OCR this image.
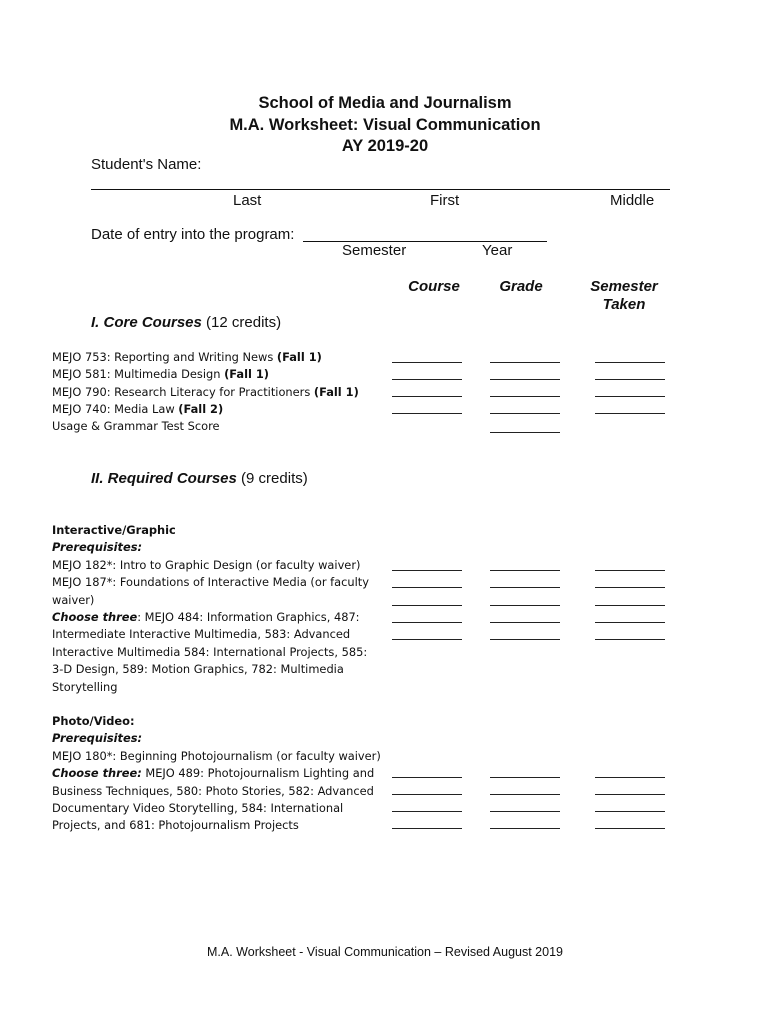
School of Media and Journalism
M.A. Worksheet: Visual Communication
AY 2019-20
Student's Name:
Last	First	Middle
Date of entry into the program:
Semester	Year
Course	Grade	Semester
Taken
I. Core Courses (12 credits)
MEJO 753: Reporting and Writing News (Fall 1)
MEJO 581: Multimedia Design (Fall 1)
MEJO 790: Research Literacy for Practitioners (Fall 1)
MEJO 740: Media Law (Fall 2)
Usage & Grammar Test Score
II. Required Courses (9 credits)
Interactive/Graphic
Prerequisites:
MEJO 182*: Intro to Graphic Design (or faculty waiver)
MEJO 187*: Foundations of Interactive Media (or faculty waiver)
Choose three: MEJO 484: Information Graphics, 487: Intermediate Interactive Multimedia, 583: Advanced Interactive Multimedia 584: International Projects, 585: 3-D Design, 589: Motion Graphics, 782: Multimedia Storytelling
Photo/Video:
Prerequisites:
MEJO 180*: Beginning Photojournalism (or faculty waiver)
Choose three: MEJO 489: Photojournalism Lighting and Business Techniques, 580: Photo Stories, 582: Advanced Documentary Video Storytelling, 584: International Projects, and 681: Photojournalism Projects
M.A. Worksheet - Visual Communication – Revised August 2019
